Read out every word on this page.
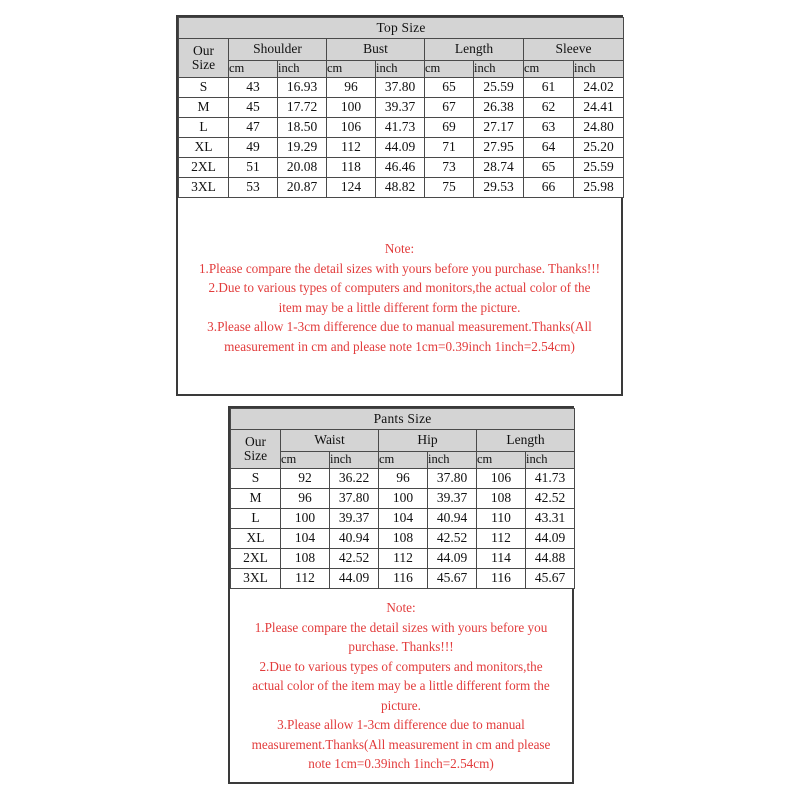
Top Size								

Our
Size	Shoulder		Bust		Length		Sleeve	
	cm	inch	cm	inch	cm	inch	cm	inch
S	43	16.93	96	37.80	65	25.59	61	24.02
M	45	17.72	100	39.37	67	26.38	62	24.41
L	47	18.50	106	41.73	69	27.17	63	24.80
XL	49	19.29	112	44.09	71	27.95	64	25.20
2XL	51	20.08	118	46.46	73	28.74	65	25.59
3XL	53	20.87	124	48.82	75	29.53	66	25.98
Note:
1.Please compare the detail sizes with yours before you purchase. Thanks!!!
2.Due to various types of computers and monitors,the actual color of the
item may be a little different form the picture.
3.Please allow 1-3cm difference due to manual measurement.Thanks(All
measurement in cm and please note 1cm=0.39inch 1inch=2.54cm)
Pants Size						

Our
Size	Waist		Hip		Length	
	cm	inch	cm	inch	cm	inch
S	92	36.22	96	37.80	106	41.73
M	96	37.80	100	39.37	108	42.52
L	100	39.37	104	40.94	110	43.31
XL	104	40.94	108	42.52	112	44.09
2XL	108	42.52	112	44.09	114	44.88
3XL	112	44.09	116	45.67	116	45.67
Note:
1.Please compare the detail sizes with yours before you
purchase. Thanks!!!
2.Due to various types of computers and monitors,the
actual color of the item may be a little different form the
picture.
3.Please allow 1-3cm difference due to manual
measurement.Thanks(All measurement in cm and please
note 1cm=0.39inch 1inch=2.54cm)
